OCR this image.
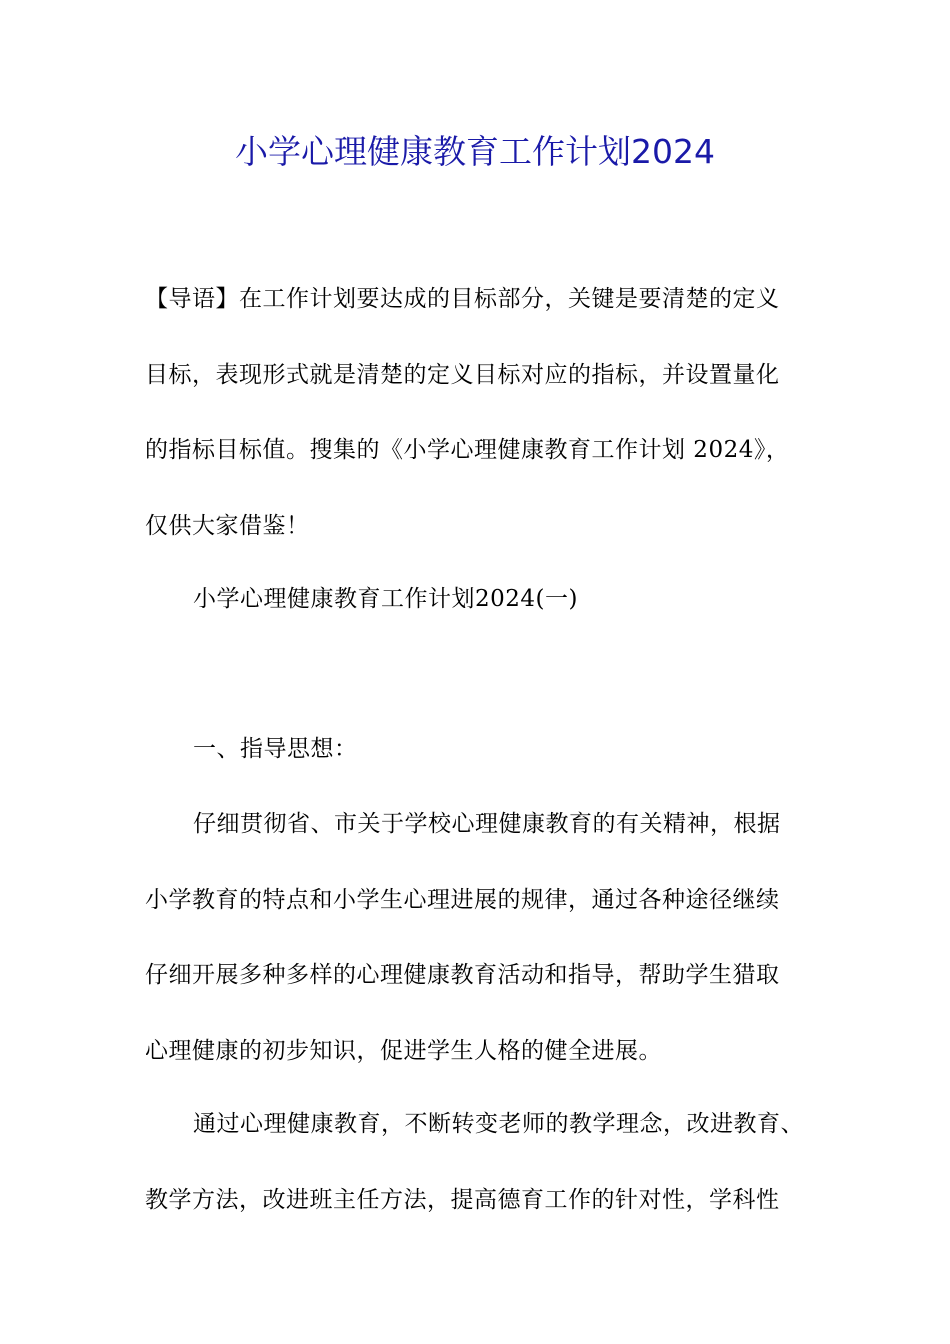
小学心理健康教育工作计划2024
【导语】在工作计划要达成的目标部分，关键是要清楚的定义
目标，表现形式就是清楚的定义目标对应的指标，并设置量化
的指标目标值。搜集的《小学心理健康教育工作计划 2024》，
仅供大家借鉴！
小学心理健康教育工作计划2024(一)
一、指导思想：
仔细贯彻省、市关于学校心理健康教育的有关精神，根据
小学教育的特点和小学生心理进展的规律，通过各种途径继续
仔细开展多种多样的心理健康教育活动和指导，帮助学生猎取
心理健康的初步知识，促进学生人格的健全进展。
通过心理健康教育，不断转变老师的教学理念，改进教育、
教学方法，改进班主任方法，提高德育工作的针对性，学科性
